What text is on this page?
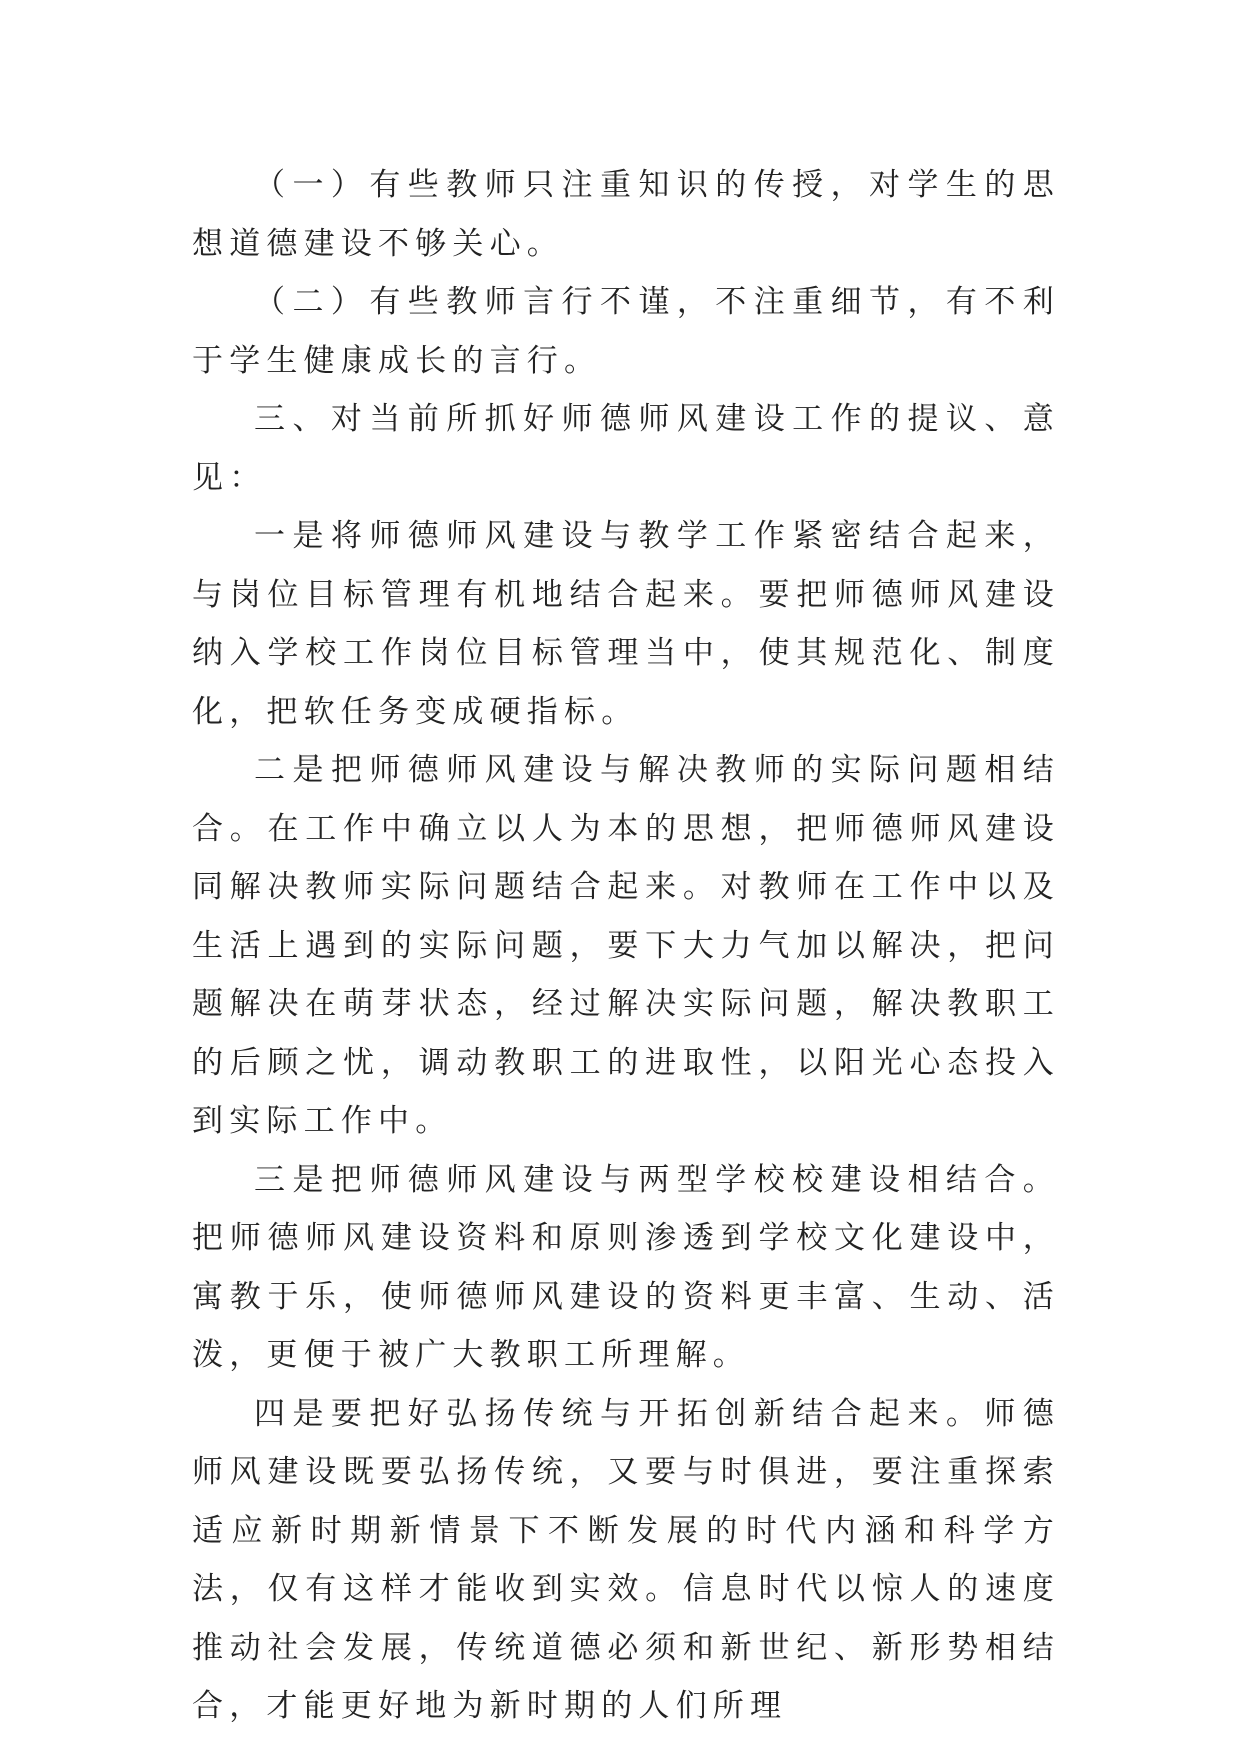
（一）有些教师只注重知识的传授，对学生的思想道德建设不够关心。

（二）有些教师言行不谨，不注重细节，有不利于学生健康成长的言行。

三、对当前所抓好师德师风建设工作的提议、意见：

一是将师德师风建设与教学工作紧密结合起来，与岗位目标管理有机地结合起来。要把师德师风建设纳入学校工作岗位目标管理当中，使其规范化、制度化，把软任务变成硬指标。

二是把师德师风建设与解决教师的实际问题相结合。在工作中确立以人为本的思想，把师德师风建设同解决教师实际问题结合起来。对教师在工作中以及生活上遇到的实际问题，要下大力气加以解决，把问题解决在萌芽状态，经过解决实际问题，解决教职工的后顾之忧，调动教职工的进取性，以阳光心态投入到实际工作中。

三是把师德师风建设与两型学校校建设相结合。把师德师风建设资料和原则渗透到学校文化建设中，寓教于乐，使师德师风建设的资料更丰富、生动、活泼，更便于被广大教职工所理解。

四是要把好弘扬传统与开拓创新结合起来。师德师风建设既要弘扬传统，又要与时俱进，要注重探索适应新时期新情景下不断发展的时代内涵和科学方法，仅有这样才能收到实效。信息时代以惊人的速度推动社会发展，传统道德必须和新世纪、新形势相结合，才能更好地为新时期的人们所理
